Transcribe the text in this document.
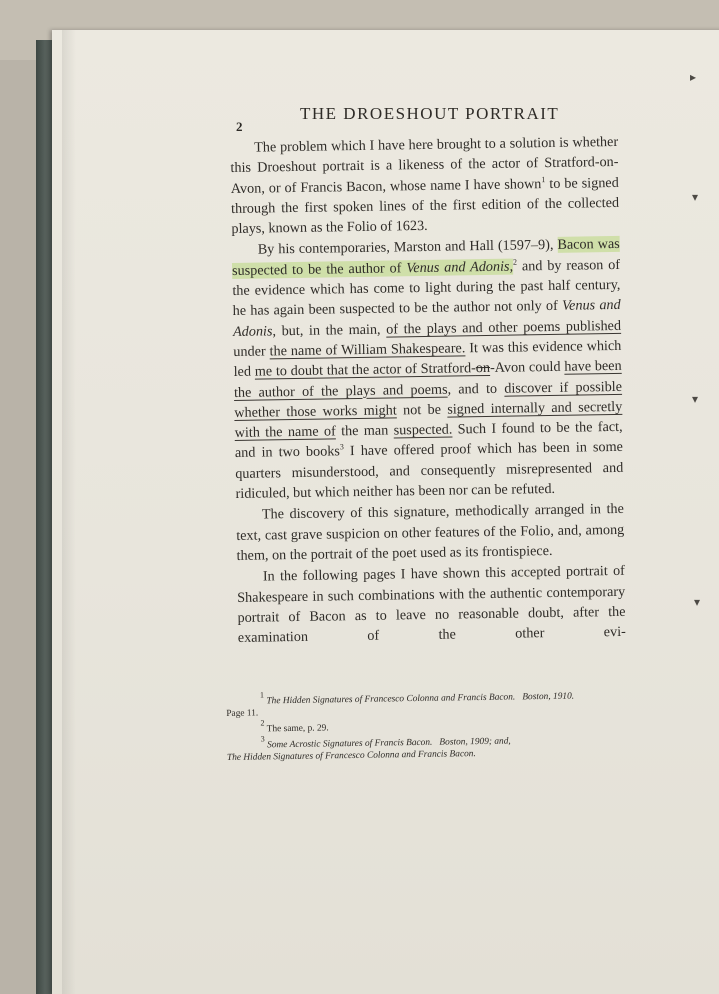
▸
▾
▾
▾
2
THE DROESHOUT PORTRAIT

The problem which I have here brought to a solution is whether this Droeshout portrait is a likeness of the actor of Stratford-on-Avon, or of Francis Bacon, whose name I have shown$^1$ to be signed through the first spoken lines of the first edition of the collected plays, known as the Folio of 1623.

By his contemporaries, Marston and Hall (1597–9), Bacon was suspected to be the author of Venus and Adonis,$^2$ and by reason of the evidence which has come to light during the past half century, he has again been suspected to be the author not only of Venus and Adonis, but, in the main, of the plays and other poems published under the name of William Shakespeare. It was this evidence which led me to doubt that the actor of Stratford-on-Avon could have been the author of the plays and poems, and to discover if possible whether those works might not be signed internally and secretly with the name of the man suspected. Such I found to be the fact, and in two books$^3$ I have offered proof which has been in some quarters misunderstood, and consequently misrepresented and ridiculed, but which neither has been nor can be refuted.

The discovery of this signature, methodically arranged in the text, cast grave suspicion on other features of the Folio, and, among them, on the portrait of the poet used as its frontispiece.

In the following pages I have shown this accepted portrait of Shakespeare in such combinations with the authentic contemporary portrait of Bacon as to leave no reasonable doubt, after the examination of the other evi-

$^1$ The Hidden Signatures of Francesco Colonna and Francis Bacon. Boston, 1910.
Page 11.
$^2$ The same, p. 29.
$^3$ Some Acrostic Signatures of Francis Bacon. Boston, 1909; and,
The Hidden Signatures of Francesco Colonna and Francis Bacon.
